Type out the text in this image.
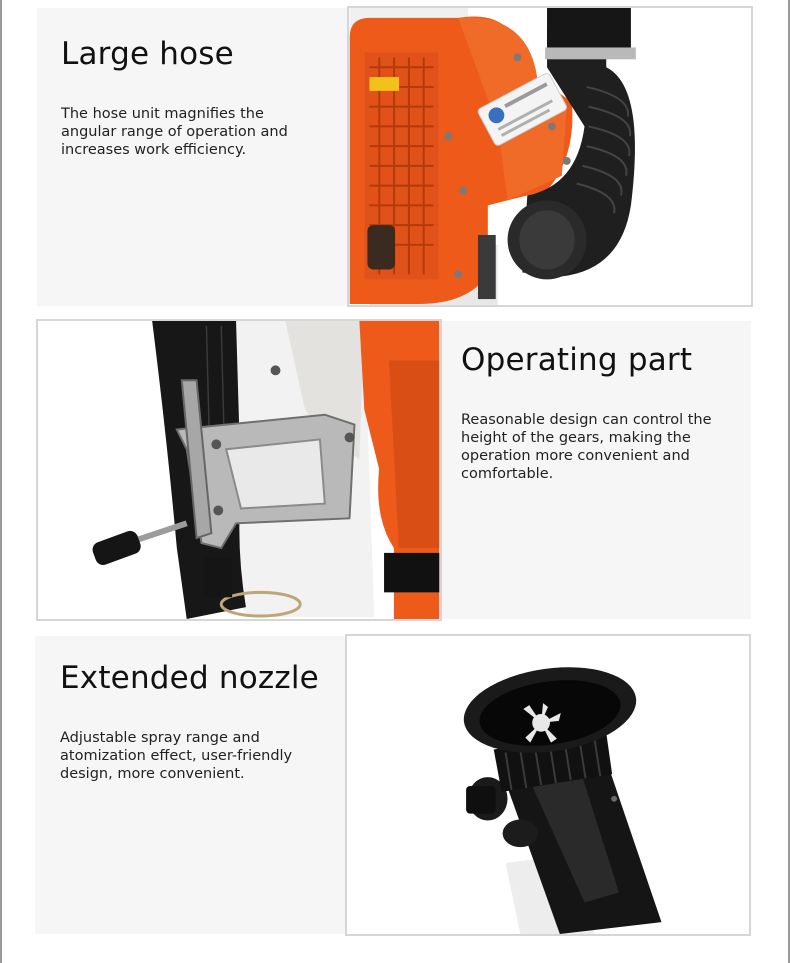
Large hose

The hose unit magnifies the angular range of operation and increases work efficiency.

Operating part

Reasonable design can control the height of the gears, making the operation more convenient and comfortable.

Extended nozzle

Adjustable spray range and atomization effect, user-friendly design, more convenient.
